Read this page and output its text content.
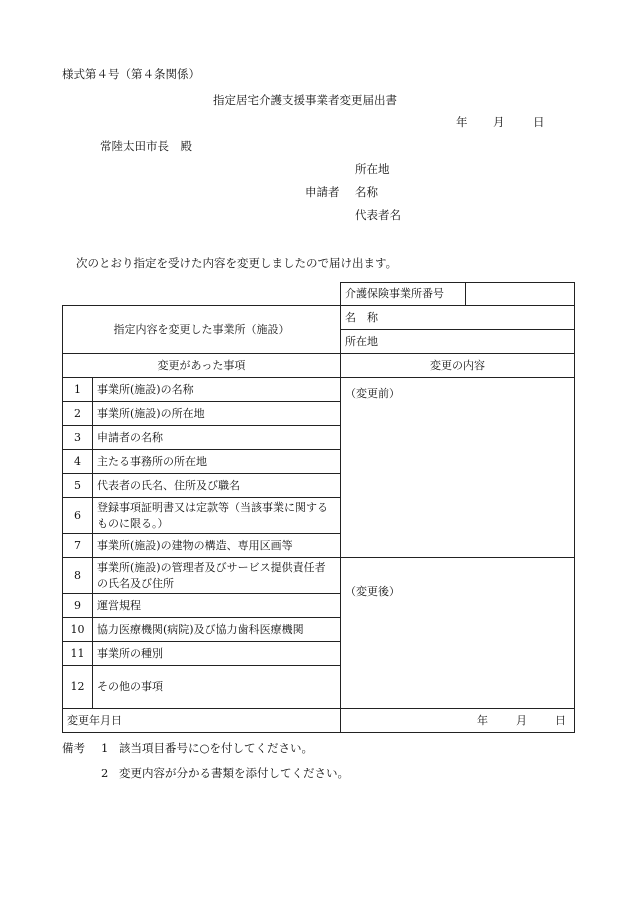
様式第４号（第４条関係）
指定居宅介護支援事業者変更届出書
年 月 日
常陸太田市長　殿
所在地
申請者 名称
代表者名
次のとおり指定を受けた内容を変更しましたので届け出ます。
		介護保険事業所番号	
指定内容を変更した事業所（施設）		名　称	
		所在地	
変更があった事項		変更の内容	
1	事業所(施設)の名称	（変更前）	
2	事業所(施設)の所在地		
3	申請者の名称		
4	主たる事務所の所在地		
5	代表者の氏名、住所及び職名		
6	登録事項証明書又は定款等（当該事業に関するものに限る。）		
7	事業所(施設)の建物の構造、専用区画等		
8	事業所(施設)の管理者及びサービス提供責任者の氏名及び住所	（変更後）	
9	運営規程		
10	協力医療機関(病院)及び協力歯科医療機関		
11	事業所の種別		
12	その他の事項		
変更年月日		年 月 日	
備考 1 該当項目番号に○を付してください。
2 変更内容が分かる書類を添付してください。
